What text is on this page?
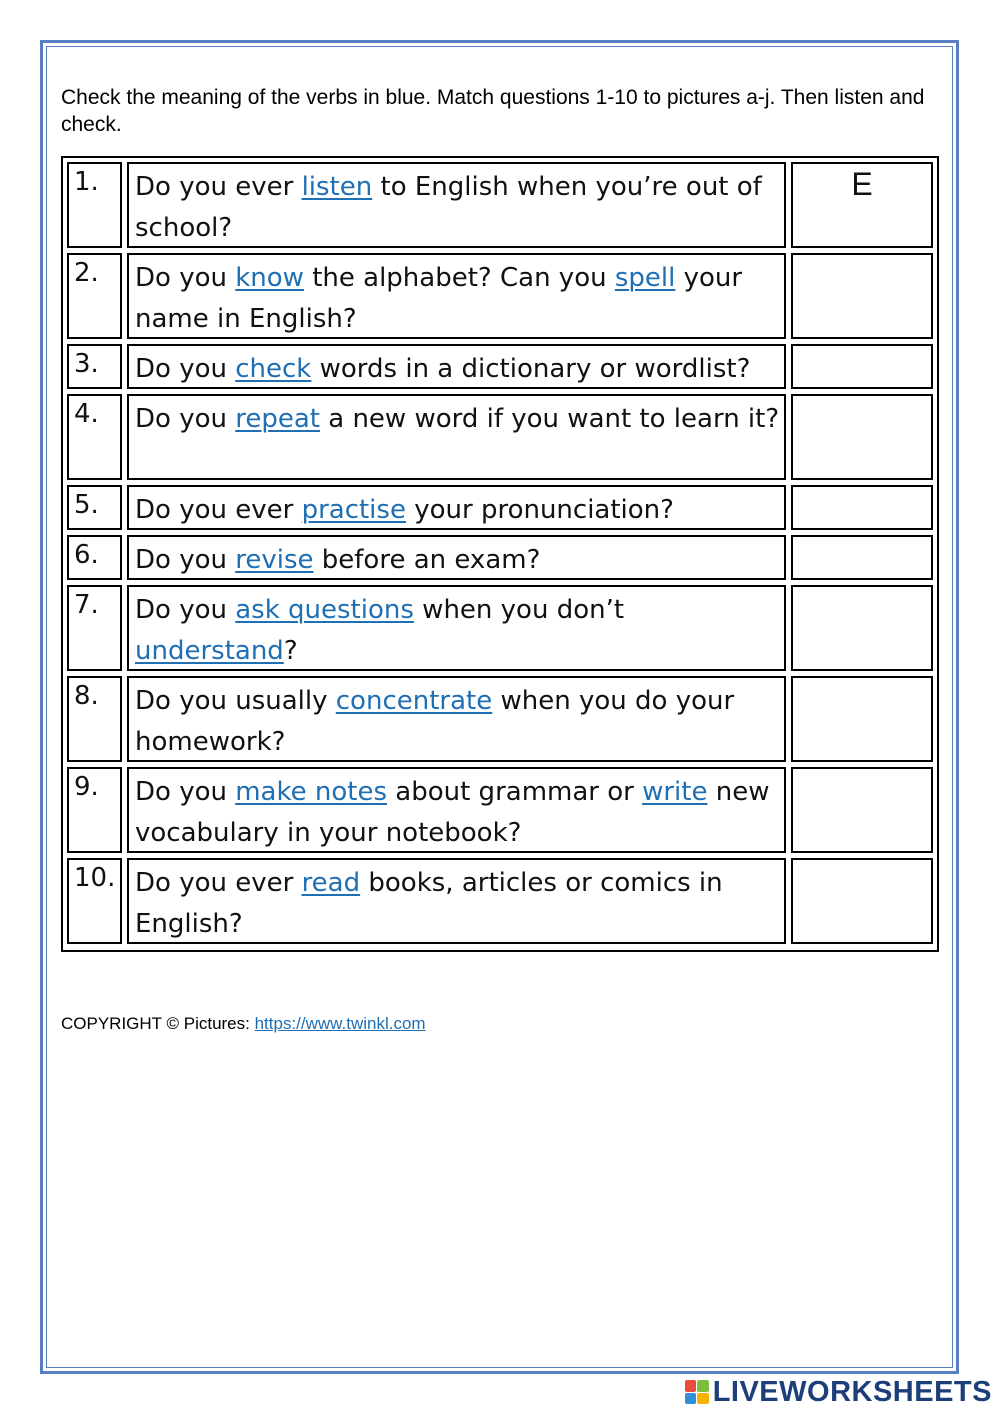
Check the meaning of the verbs in blue. Match questions 1-10 to pictures a-j. Then listen and check.
1.	Do you ever listen to English when you’re out of school?
E
2.	Do you know the alphabet? Can you spell your name in English?
3.	Do you check words in a dictionary or wordlist?
4.	Do you repeat a new word if you want to learn it?
5.	Do you ever practise your pronunciation?
6.	Do you revise before an exam?
7.	Do you ask questions when you don’t understand?
8.	Do you usually concentrate when you do your homework?
9.	Do you make notes about grammar or write new vocabulary in your notebook?
10. Do you ever read books, articles or comics in English?
COPYRIGHT © Pictures: https://www.twinkl.com
LIVEWORKSHEETS
